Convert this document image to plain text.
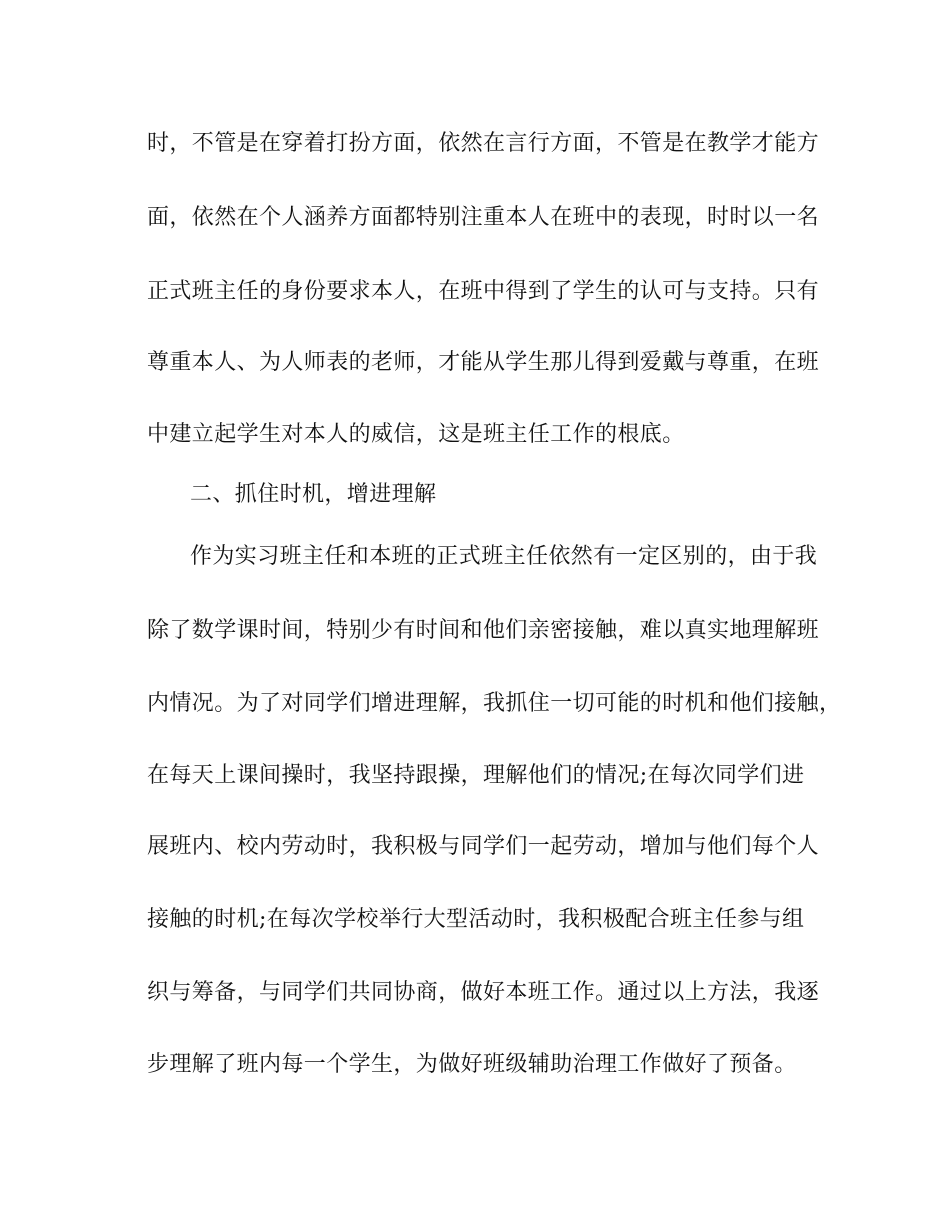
时，不管是在穿着打扮方面，依然在言行方面，不管是在教学才能方
面，依然在个人涵养方面都特别注重本人在班中的表现，时时以一名
正式班主任的身份要求本人，在班中得到了学生的认可与支持。只有
尊重本人、为人师表的老师，才能从学生那儿得到爱戴与尊重，在班
中建立起学生对本人的威信，这是班主任工作的根底。
二、抓住时机，增进理解
作为实习班主任和本班的正式班主任依然有一定区别的，由于我
除了数学课时间，特别少有时间和他们亲密接触，难以真实地理解班
内情况。为了对同学们增进理解，我抓住一切可能的时机和他们接触，
在每天上课间操时，我坚持跟操，理解他们的情况;在每次同学们进
展班内、校内劳动时，我积极与同学们一起劳动，增加与他们每个人
接触的时机;在每次学校举行大型活动时，我积极配合班主任参与组
织与筹备，与同学们共同协商，做好本班工作。通过以上方法，我逐
步理解了班内每一个学生，为做好班级辅助治理工作做好了预备。
